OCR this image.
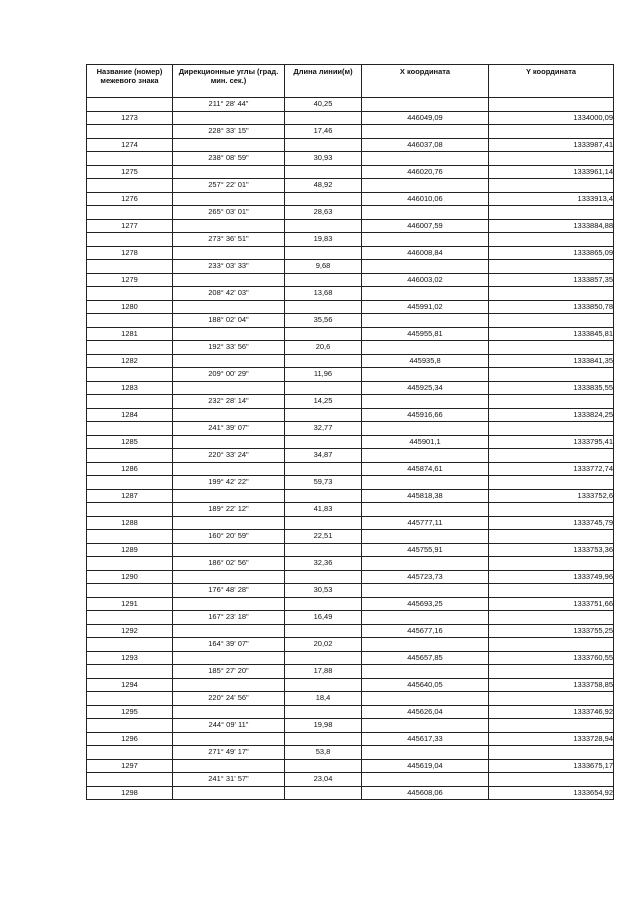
Название (номер) межевого знака	Дирекционные углы (град. мин. сек.)	Длина линии(м)	X координата	Y координата
	211° 28' 44"	40,25		
1273			446049,09	1334000,09
	228° 33' 15"	17,46		
1274			446037,08	1333987,41
	238° 08' 59"	30,93		
1275			446020,76	1333961,14
	257° 22' 01"	48,92		
1276			446010,06	1333913,4
	265° 03' 01"	28,63		
1277			446007,59	1333884,88
	273° 36' 51"	19,83		
1278			446008,84	1333865,09
	233° 03' 33"	9,68		
1279			446003,02	1333857,35
	208° 42' 03"	13,68		
1280			445991,02	1333850,78
	188° 02' 04"	35,56		
1281			445955,81	1333845,81
	192° 33' 56"	20,6		
1282			445935,8	1333841,35
	209° 00' 29"	11,96		
1283			445925,34	1333835,55
	232° 28' 14"	14,25		
1284			445916,66	1333824,25
	241° 39' 07"	32,77		
1285			445901,1	1333795,41
	220° 33' 24"	34,87		
1286			445874,61	1333772,74
	199° 42' 22"	59,73		
1287			445818,38	1333752,6
	189° 22' 12"	41,83		
1288			445777,11	1333745,79
	160° 20' 59"	22,51		
1289			445755,91	1333753,36
	186° 02' 56"	32,36		
1290			445723,73	1333749,96
	176° 48' 28"	30,53		
1291			445693,25	1333751,66
	167° 23' 18"	16,49		
1292			445677,16	1333755,25
	164° 39' 07"	20,02		
1293			445657,85	1333760,55
	185° 27' 20"	17,88		
1294			445640,05	1333758,85
	220° 24' 56"	18,4		
1295			445626,04	1333746,92
	244° 09' 11"	19,98		
1296			445617,33	1333728,94
	271° 49' 17"	53,8		
1297			445619,04	1333675,17
	241° 31' 57"	23,04		
1298			445608,06	1333654,92
